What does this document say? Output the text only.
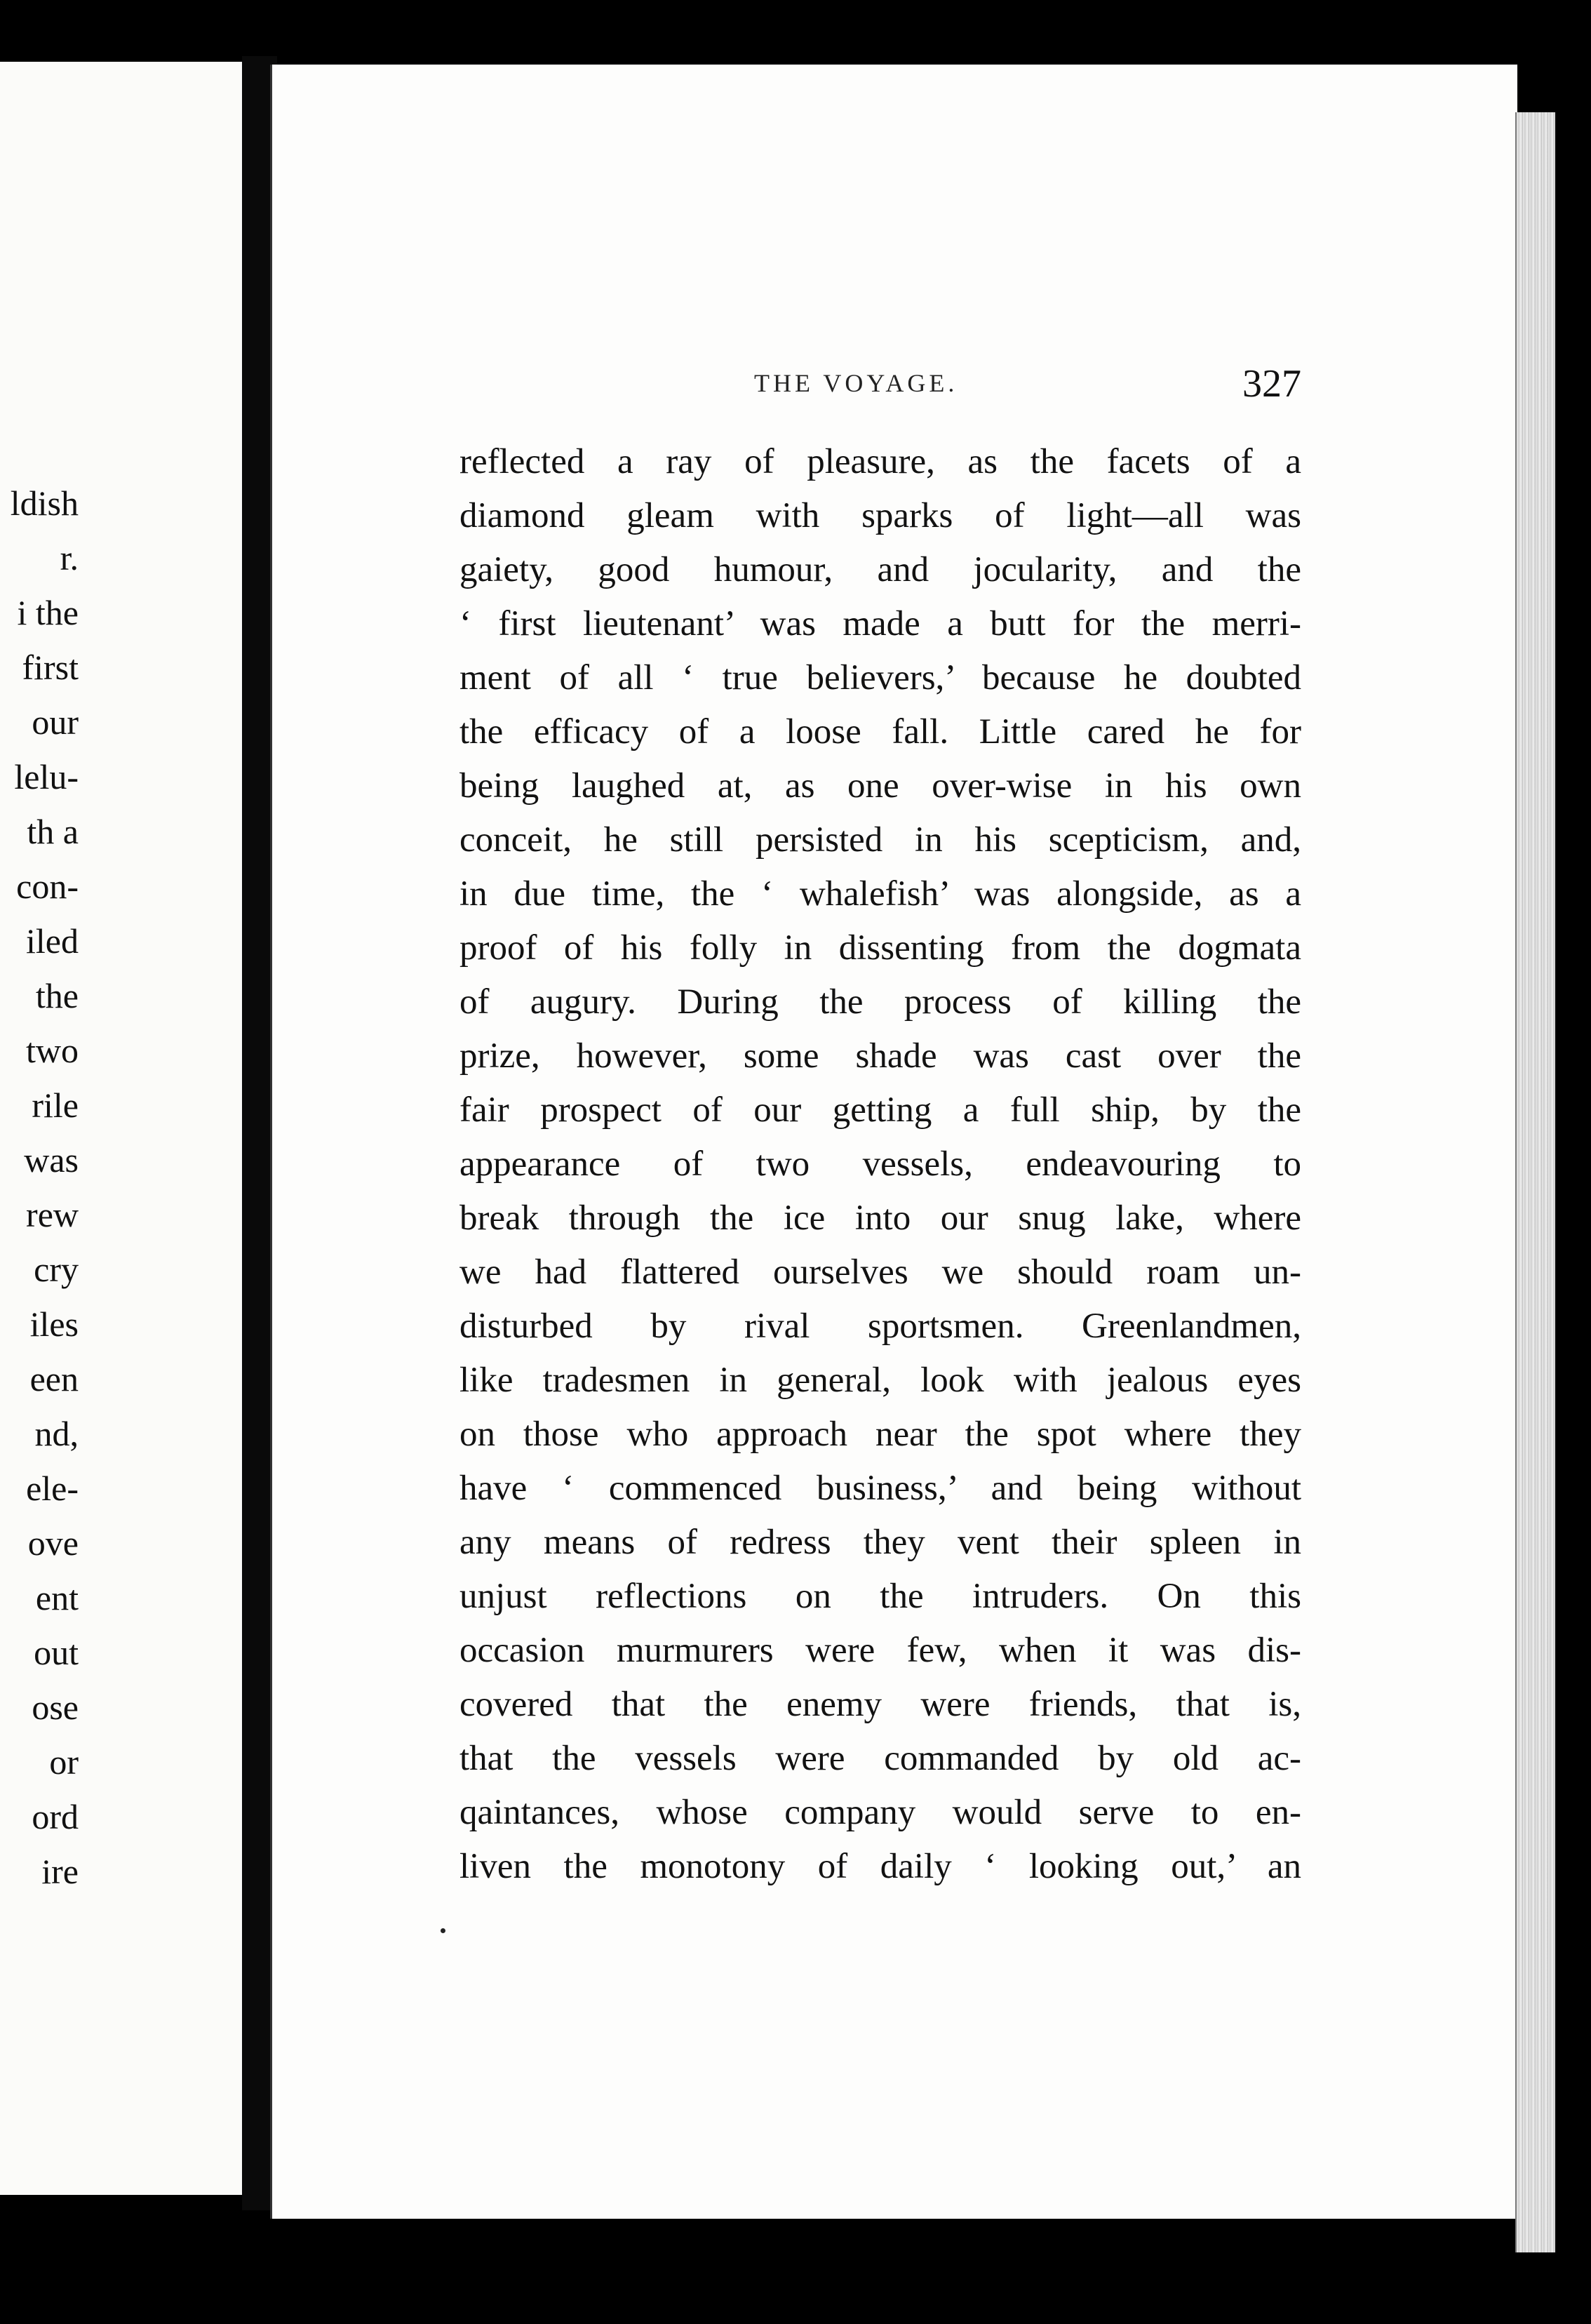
ldish
r.
i the
first
our
lelu-
th a
con-
iled
the
two
rile
was
rew
cry
iles
een
nd,
ele-
ove
ent
out
ose
or
ord
ire
THE VOYAGE.	327
reflected a ray of pleasure, as the facets of a
diamond gleam with sparks of light—all was
gaiety, good humour, and jocularity, and the
‘ first lieutenant’ was made a butt for the merri-
ment of all ‘ true believers,’ because he doubted
the efficacy of a loose fall. Little cared he for
being laughed at, as one over-wise in his own
conceit, he still persisted in his scepticism, and,
in due time, the ‘ whalefish’ was alongside, as a
proof of his folly in dissenting from the dogmata
of augury. During the process of killing the
prize, however, some shade was cast over the
fair prospect of our getting a full ship, by the
appearance of two vessels, endeavouring to
break through the ice into our snug lake, where
we had flattered ourselves we should roam un-
disturbed by rival sportsmen. Greenlandmen,
like tradesmen in general, look with jealous eyes
on those who approach near the spot where they
have ‘ commenced business,’ and being without
any means of redress they vent their spleen in
unjust reflections on the intruders. On this
occasion murmurers were few, when it was dis-
covered that the enemy were friends, that is,
that the vessels were commanded by old ac-
qaintances, whose company would serve to en-
liven the monotony of daily ‘ looking out,’ an
